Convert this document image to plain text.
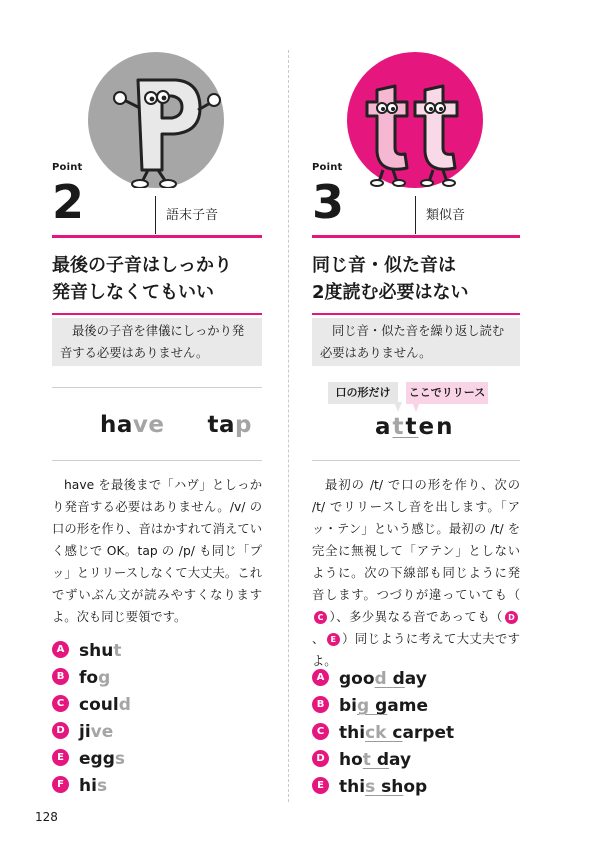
Point
2	語末子音
最後の子音はしっかり
発音しなくてもいい
最後の子音を律儀にしっかり発音する必要はありません。
have tap

have を最後まで「ハヴ」としっかり発音する必要はありません。/v/ の口の形を作り、音はかすれて消えていく感じで OK。tap の /p/ も同じ「プッ」とリリースしなくて大丈夫。これでずいぶん文が読みやすくなりますよ。次も同じ要領です。

A shut
B fog
C could
D jive
E eggs
F his
Point
3	類似音
同じ音・似た音は
2度読む必要はない
同じ音・似た音を繰り返し読む必要はありません。
口の形だけ	ここでリリース
atten

最初の /t/ で口の形を作り、次の /t/ でリリースし音を出します。「アッ・テン」という感じ。最初の /t/ を完全に無視して「アテン」としないように。次の下線部も同じように発音します。つづりが違っていても（C ）、多少異なる音であっても（ D、 E ）同じように考えて大丈夫ですよ。

A good day
B big game
C thick carpet
D hot day
E this shop
128
